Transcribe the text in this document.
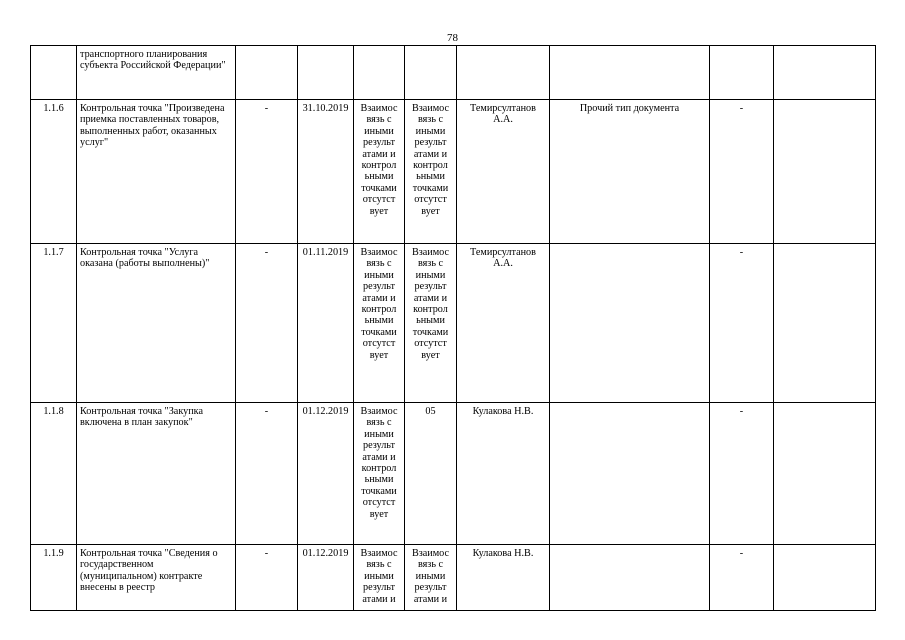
78
	транспортного планирования субъекта Российской Федерации"								
1.1.6	Контрольная точка "Произведена приемка поставленных товаров, выполненных работ, оказанных услуг"	-	31.10.2019	Взаимос вязь с иными результ атами и контрол ьными точками отсутст вует	Взаимос вязь с иными результ атами и контрол ьными точками отсутст вует	Темирсултанов А.А.	Прочий тип документа	-	
1.1.7	Контрольная точка "Услуга оказана (работы выполнены)"	-	01.11.2019	Взаимос вязь с иными результ атами и контрол ьными точками отсутст вует	Взаимос вязь с иными результ атами и контрол ьными точками отсутст вует	Темирсултанов А.А.		-	
1.1.8	Контрольная точка "Закупка включена в план закупок"	-	01.12.2019	Взаимос вязь с иными результ атами и контрол ьными точками отсутст вует	05	Кулакова Н.В.		-	
1.1.9	Контрольная точка "Сведения о государственном (муниципальном) контракте внесены в реестр	-	01.12.2019	Взаимос вязь с иными результ атами и	Взаимос вязь с иными результ атами и	Кулакова Н.В.		-	
